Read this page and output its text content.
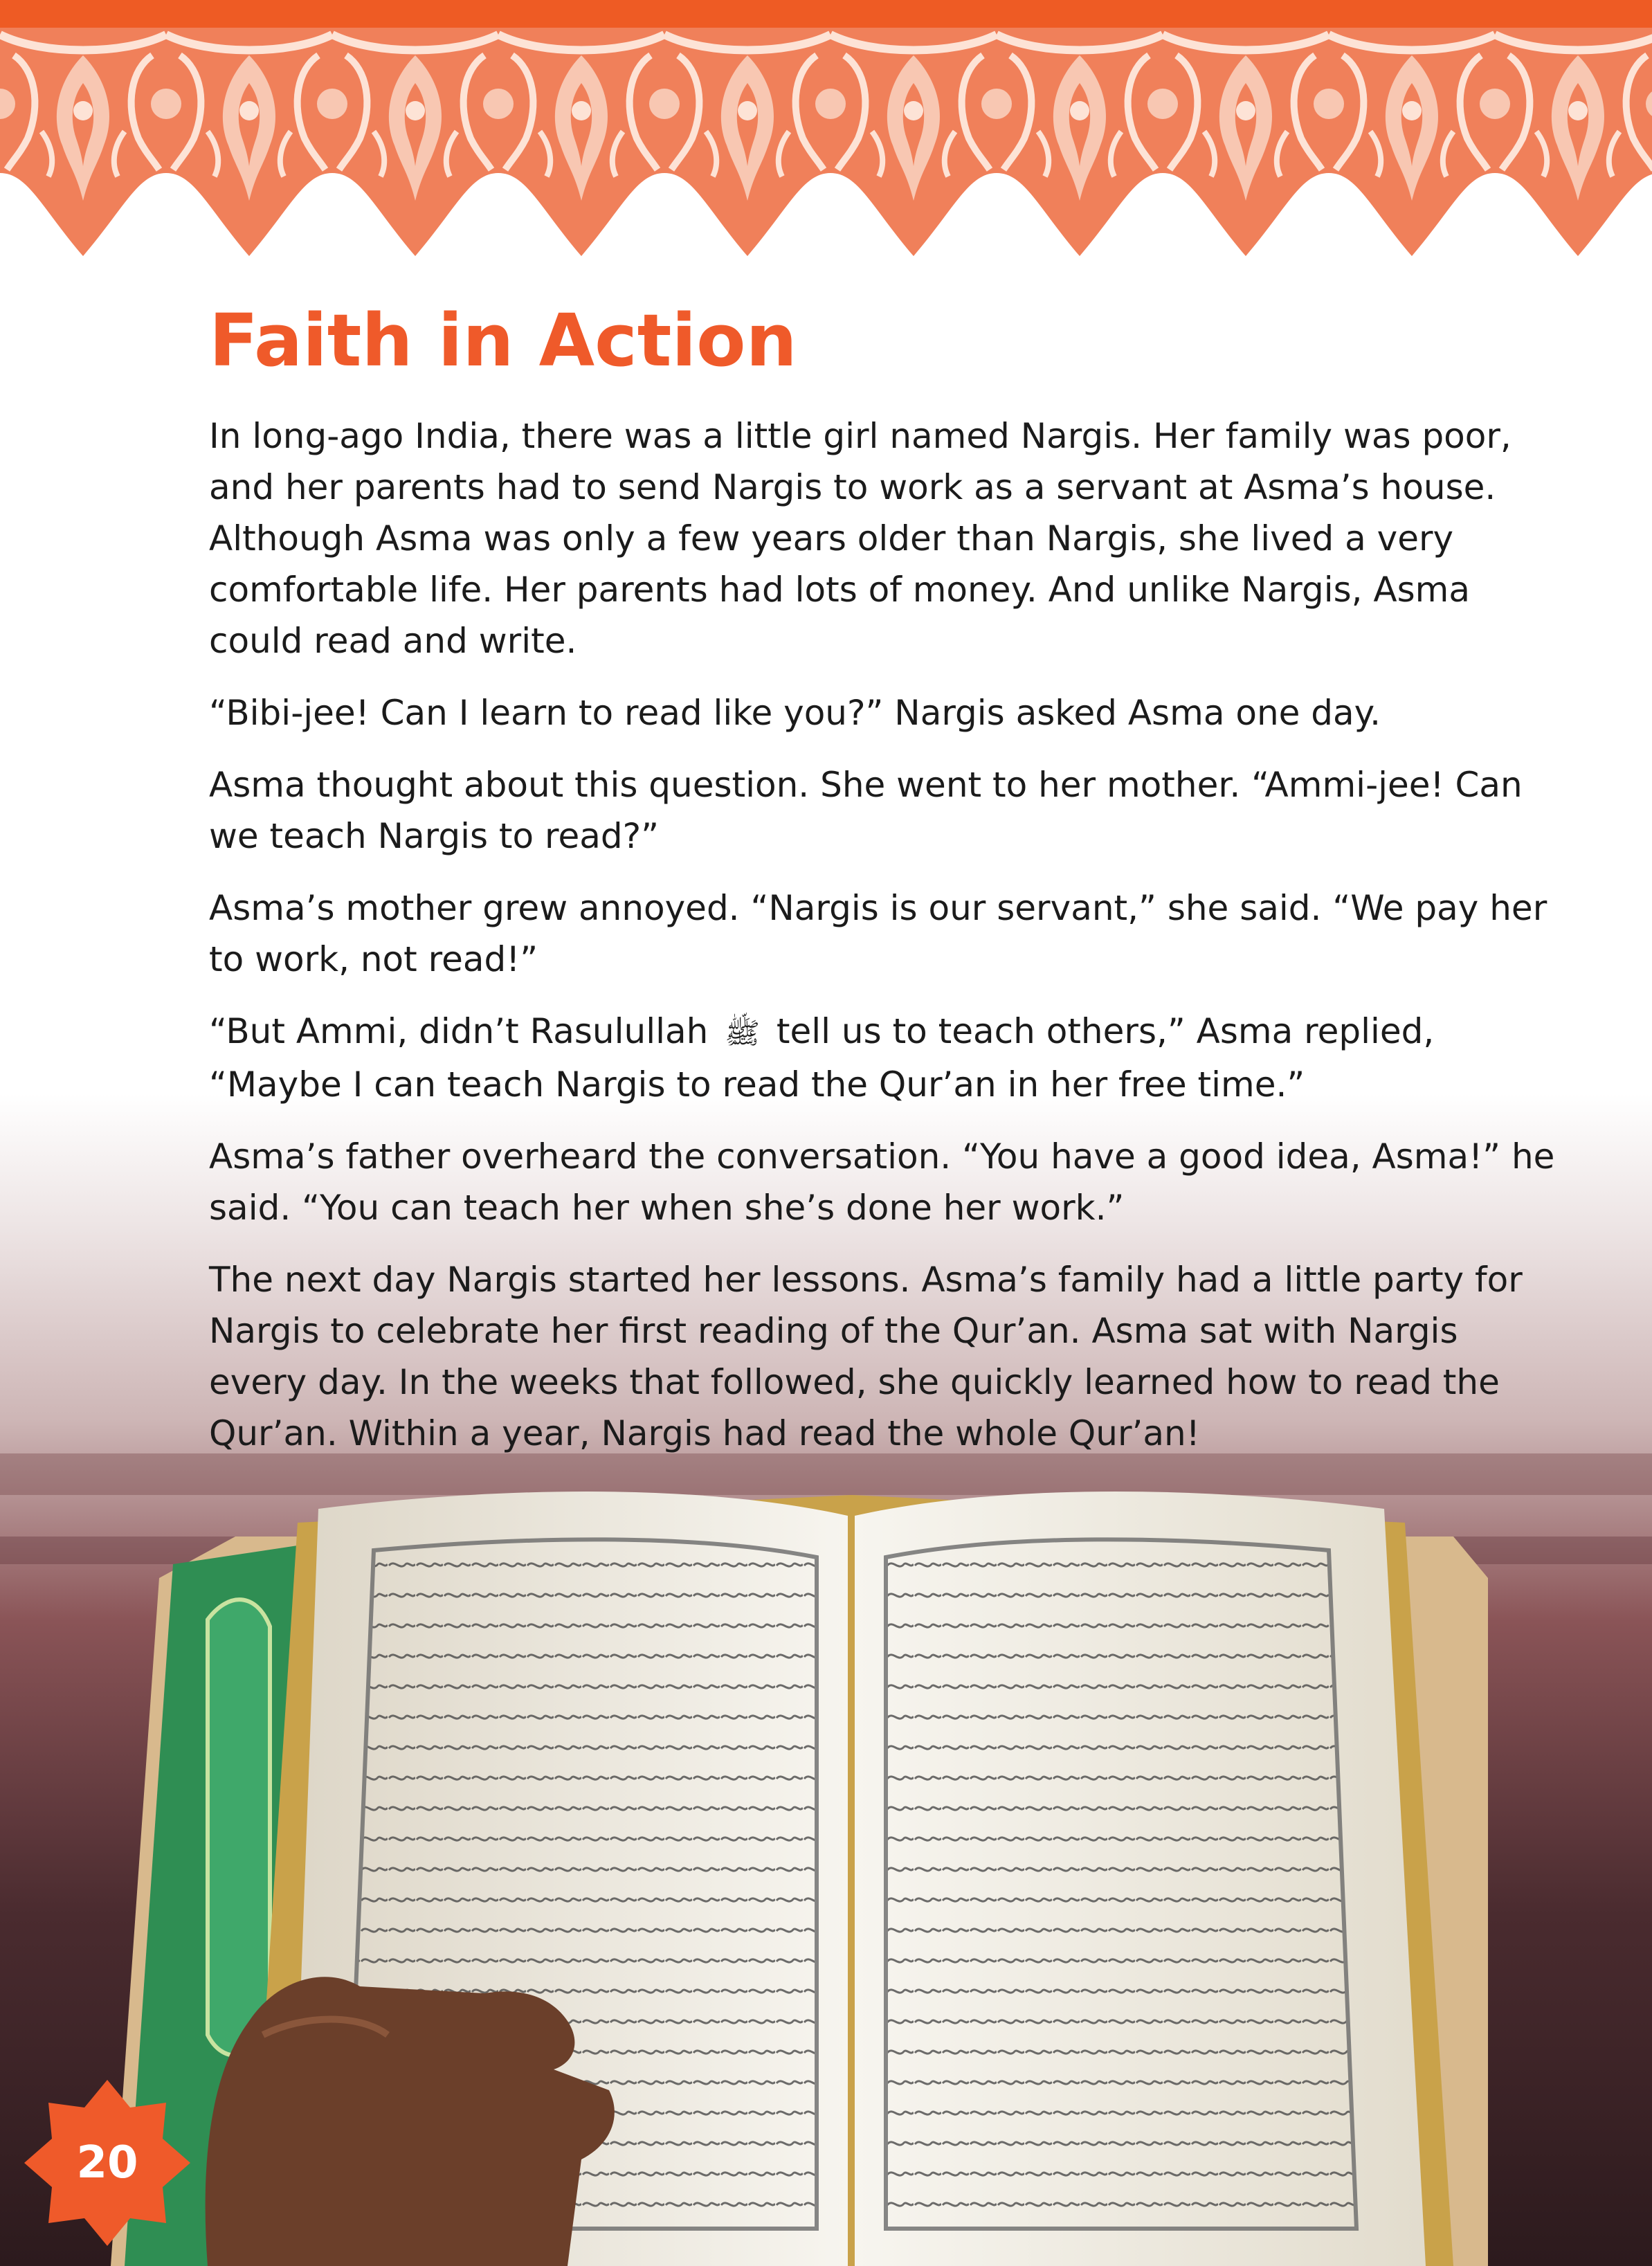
Faith in Action

In long-ago India, there was a little girl named Nargis. Her family was poor, and her parents had to send Nargis to work as a servant at Asma’s house. Although Asma was only a few years older than Nargis, she lived a very comfortable life. Her parents had lots of money. And unlike Nargis, Asma could read and write.

“Bibi-jee! Can I learn to read like you?” Nargis asked Asma one day.

Asma thought about this question. She went to her mother. “Ammi-jee! Can we teach Nargis to read?”

Asma’s mother grew annoyed. “Nargis is our servant,” she said. “We pay her to work, not read!”

“But Ammi, didn’t Rasulullah ﷺ tell us to teach others,” Asma replied, “Maybe I can teach Nargis to read the Qur’an in her free time.”

Asma’s father overheard the conversation. “You have a good idea, Asma!” he said. “You can teach her when she’s done her work.”

The next day Nargis started her lessons. Asma’s family had a little party for Nargis to celebrate her first reading of the Qur’an. Asma sat with Nargis every day. In the weeks that followed, she quickly learned how to read the Qur’an. Within a year, Nargis had read the whole Qur’an!

20
